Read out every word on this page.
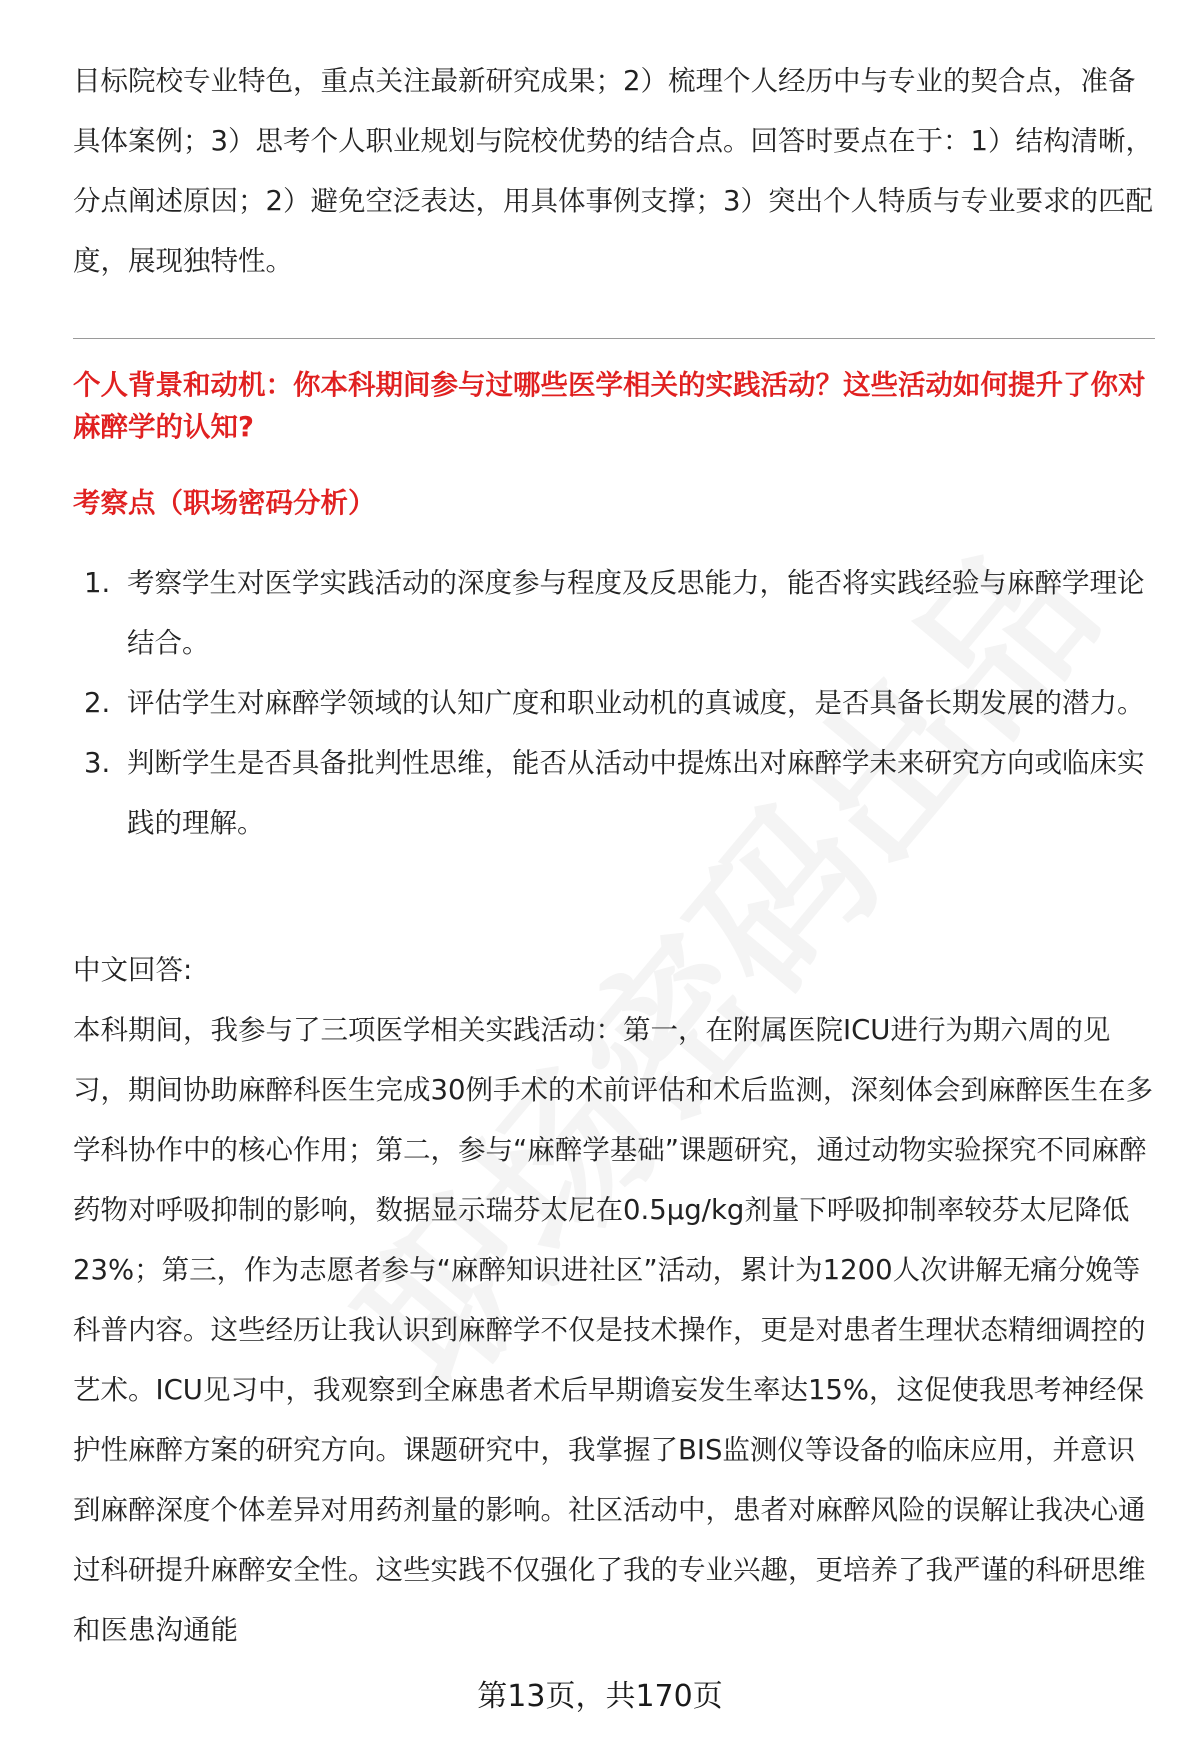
目标院校专业特色，重点关注最新研究成果；2）梳理个人经历中与专业的契合点，准备具体案例；3）思考个人职业规划与院校优势的结合点。回答时要点在于：1）结构清晰，分点阐述原因；2）避免空泛表达，用具体事例支撑；3）突出个人特质与专业要求的匹配度，展现独特性。

个人背景和动机：你本科期间参与过哪些医学相关的实践活动？这些活动如何提升了你对麻醉学的认知?

考察点（职场密码分析）

1. 考察学生对医学实践活动的深度参与程度及反思能力，能否将实践经验与麻醉学理论结合。
2. 评估学生对麻醉学领域的认知广度和职业动机的真诚度，是否具备长期发展的潜力。
3. 判断学生是否具备批判性思维，能否从活动中提炼出对麻醉学未来研究方向或临床实践的理解。

中文回答:

本科期间，我参与了三项医学相关实践活动：第一，在附属医院ICU进行为期六周的见习，期间协助麻醉科医生完成30例手术的术前评估和术后监测，深刻体会到麻醉医生在多学科协作中的核心作用；第二，参与“麻醉学基础”课题研究，通过动物实验探究不同麻醉药物对呼吸抑制的影响，数据显示瑞芬太尼在0.5μg/kg剂量下呼吸抑制率较芬太尼降低23%；第三，作为志愿者参与“麻醉知识进社区”活动，累计为1200人次讲解无痛分娩等科普内容。这些经历让我认识到麻醉学不仅是技术操作，更是对患者生理状态精细调控的艺术。ICU见习中，我观察到全麻患者术后早期谵妄发生率达15%，这促使我思考神经保护性麻醉方案的研究方向。课题研究中，我掌握了BIS监测仪等设备的临床应用，并意识到麻醉深度个体差异对用药剂量的影响。社区活动中，患者对麻醉风险的误解让我决心通过科研提升麻醉安全性。这些实践不仅强化了我的专业兴趣，更培养了我严谨的科研思维和医患沟通能

第13页，共170页
